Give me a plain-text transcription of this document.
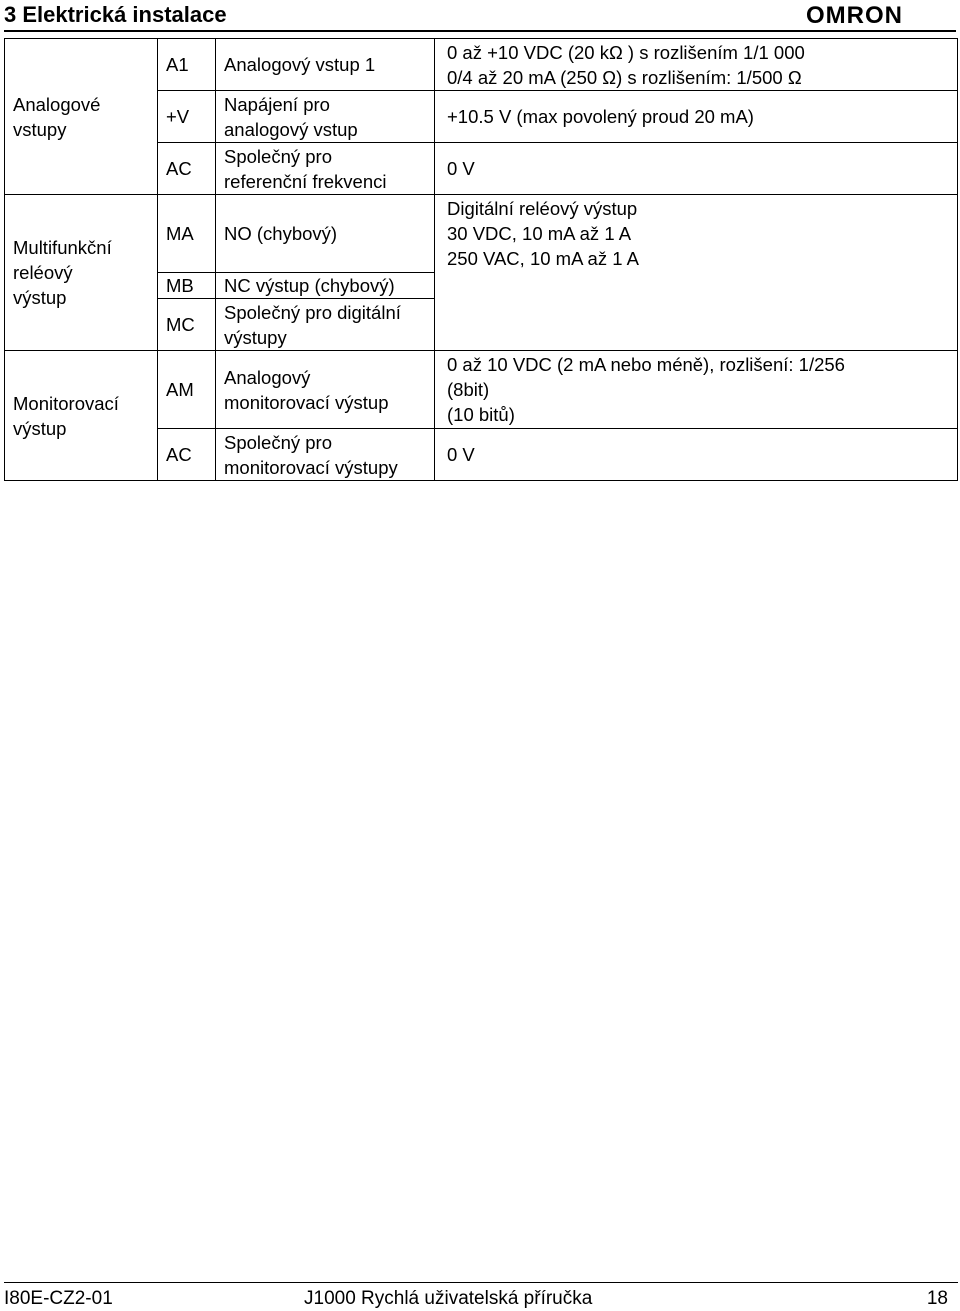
3 Elektrická instalace	OMRON
Analogové
vstupy	A1	Analogový vstup 1	0 až +10 VDC (20 kΩ ) s rozlišením 1/1 000
0/4 až 20 mA (250 Ω) s rozlišením: 1/500 Ω

	+V	Napájení pro
analogový vstup	+10.5 V (max povolený proud 20 mA)

	AC	Společný pro
referenční frekvenci	0 V

Multifunkční
reléový
výstup	MA	NO (chybový)	Digitální reléový výstup
30 VDC, 10 mA až 1 A
250 VAC, 10 mA až 1 A

	MB	NC výstup (chybový)	

	MC	Společný pro digitální
výstupy	

Monitorovací
výstup	AM	Analogový
monitorovací výstup	0 až 10 VDC (2 mA nebo méně), rozlišení: 1/256
(8bit)
(10 bitů)

	AC	Společný pro
monitorovací výstupy	0 V
I80E-CZ2-01	J1000 Rychlá uživatelská příručka	18
